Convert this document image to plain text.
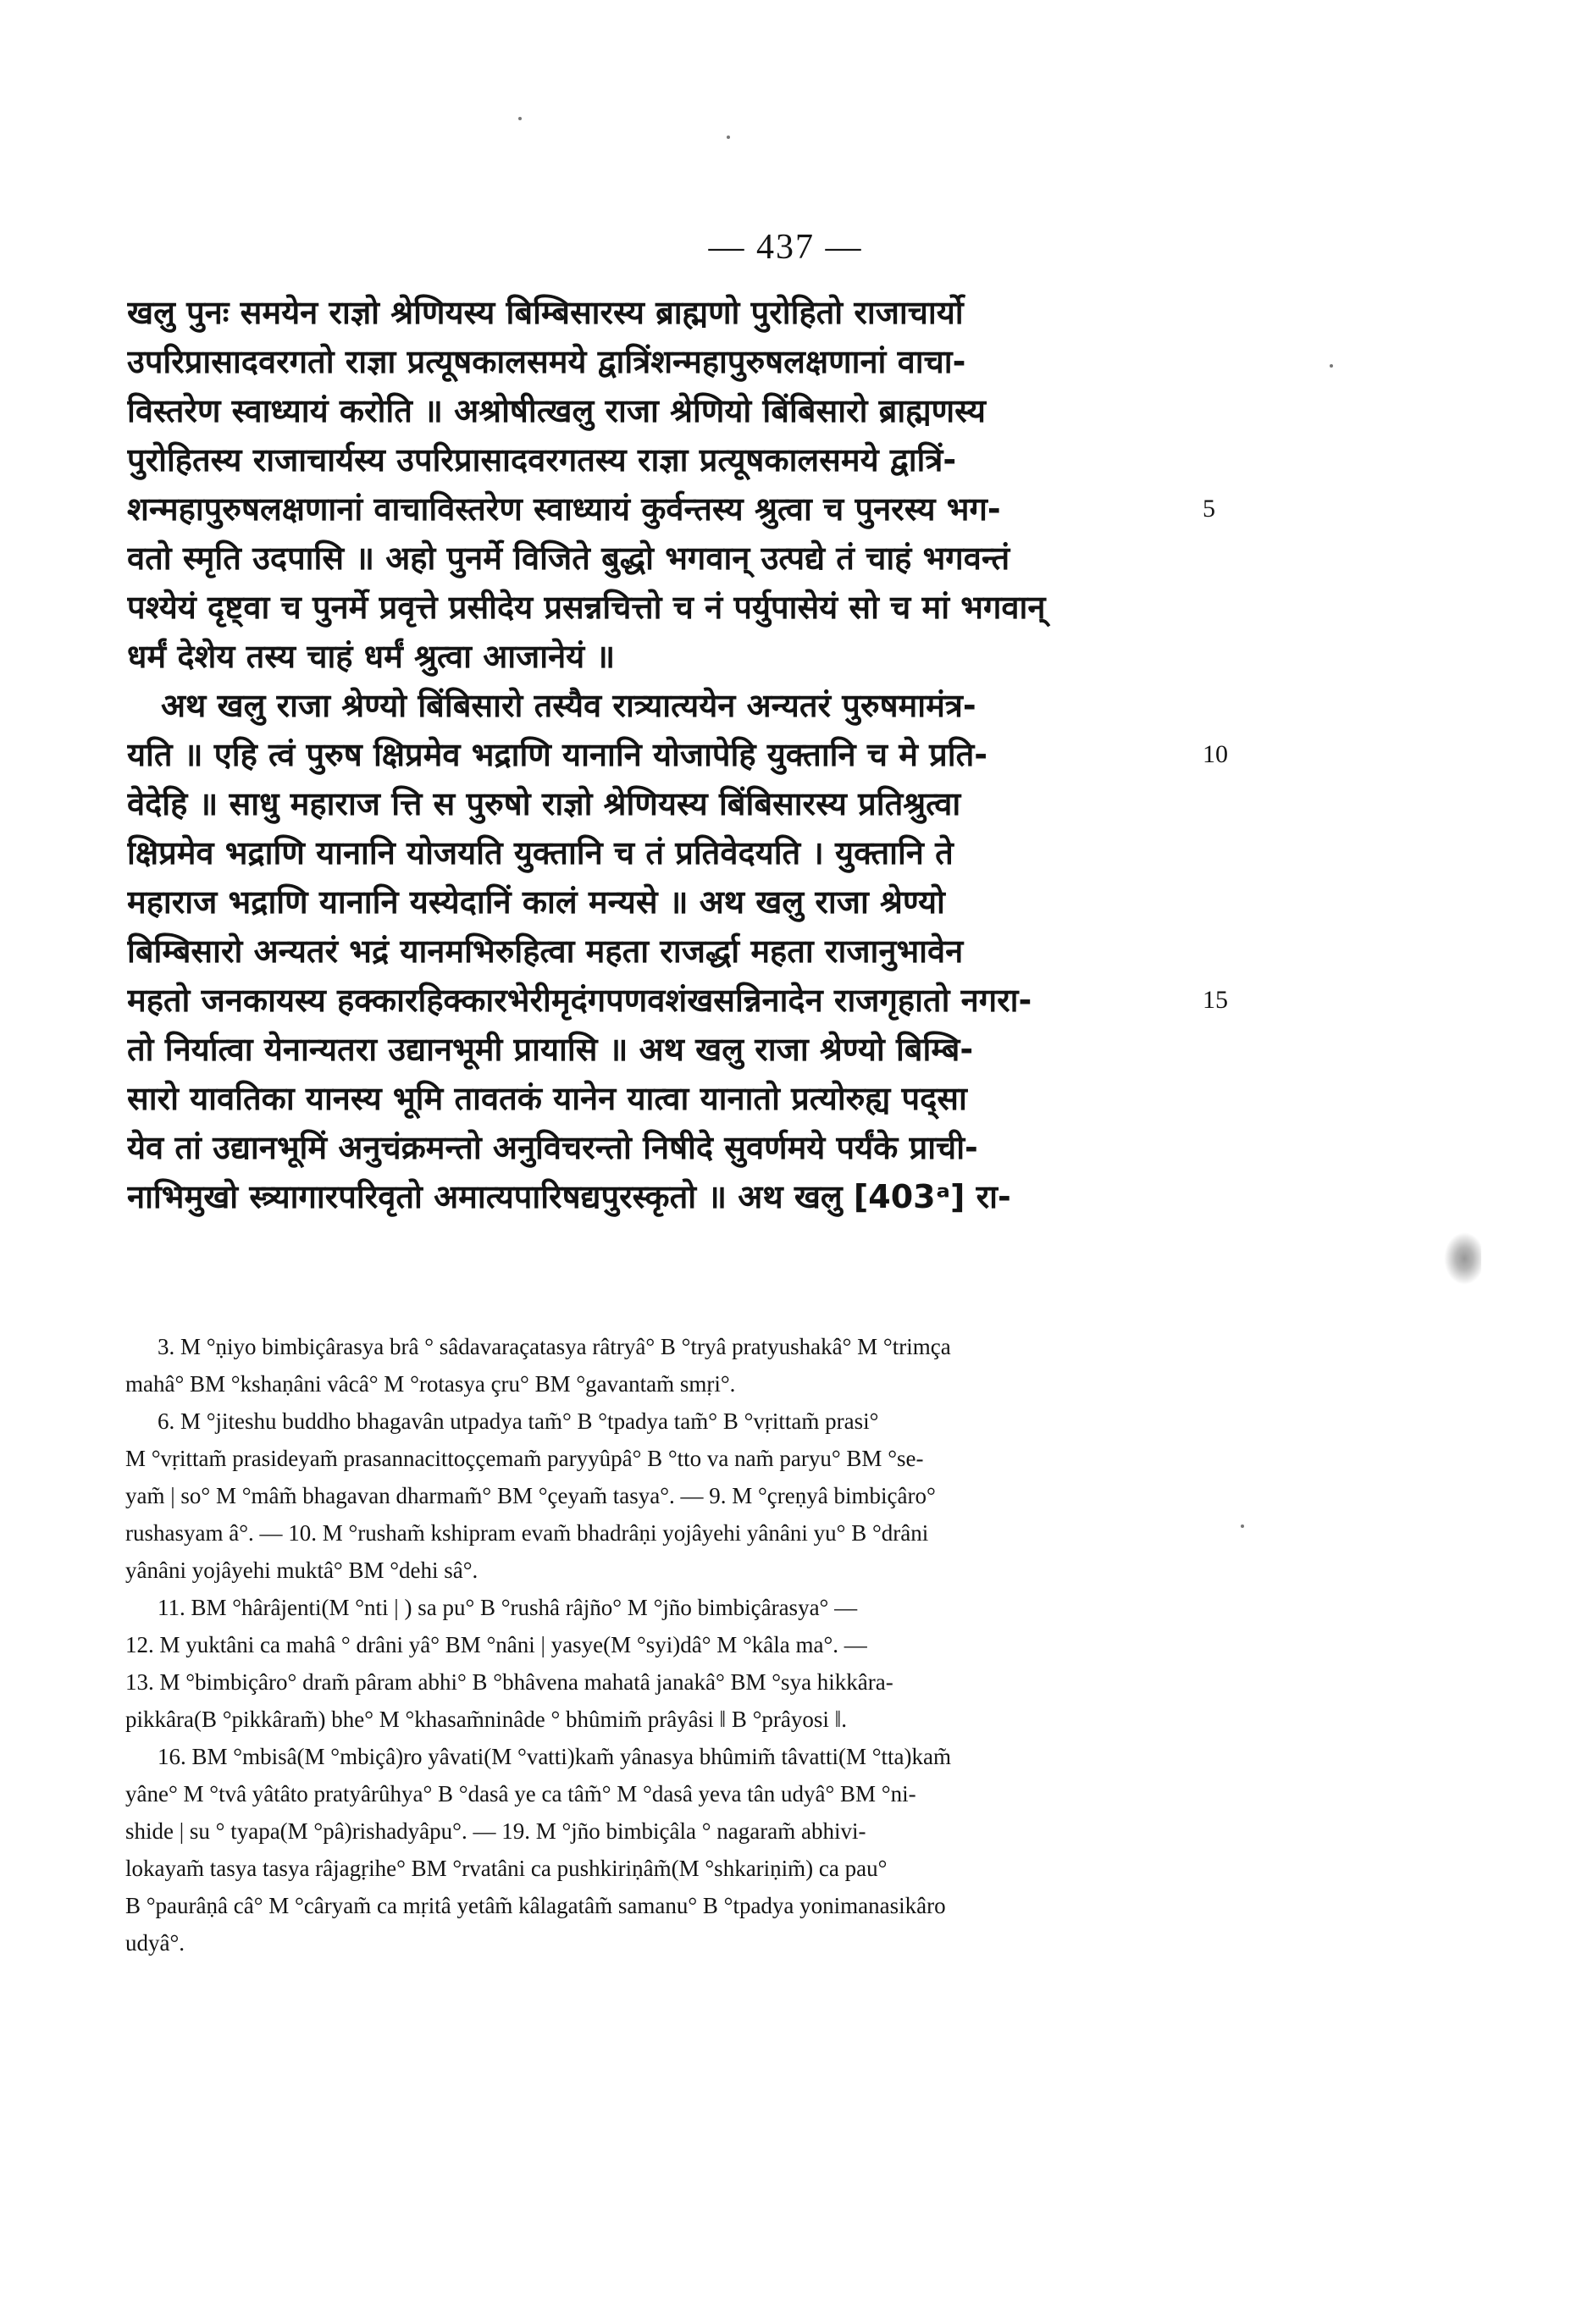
— 437 —
खलु पुनः समयेन राज्ञो श्रेणियस्य बिम्बिसारस्य ब्राह्मणो पुरोहितो राजाचार्यो
उपरिप्रासादवरगतो राज्ञा प्रत्यूषकालसमये द्वात्रिंशन्महापुरुषलक्षणानां वाचा-
विस्तरेण स्वाध्यायं करोति ॥ अश्रोषीत्खलु राजा श्रेणियो बिंबिसारो ब्राह्मणस्य
पुरोहितस्य राजाचार्यस्य उपरिप्रासादवरगतस्य राज्ञा प्रत्यूषकालसमये द्वात्रिं-
शन्महापुरुषलक्षणानां वाचाविस्तरेण स्वाध्यायं कुर्वन्तस्य श्रुत्वा च पुनरस्य भग-
वतो स्मृति उदपासि ॥ अहो पुनर्मे विजिते बुद्धो भगवान् उत्पद्ये तं चाहं भगवन्तं
पश्येयं दृष्ट्वा च पुनर्मे प्रवृत्ते प्रसीदेय प्रसन्नचित्तो च नं पर्युपासेयं सो च मां भगवान्
धर्मं देशेय तस्य चाहं धर्मं श्रुत्वा आजानेयं ॥
अथ खलु राजा श्रेण्यो बिंबिसारो तस्यैव रात्र्यात्ययेन अन्यतरं पुरुषमामंत्र-
यति ॥ एहि त्वं पुरुष क्षिप्रमेव भद्राणि यानानि योजापेहि युक्तानि च मे प्रति-
वेदेहि ॥ साधु महाराज त्ति स पुरुषो राज्ञो श्रेणियस्य बिंबिसारस्य प्रतिश्रुत्वा
क्षिप्रमेव भद्राणि यानानि योजयति युक्तानि च तं प्रतिवेदयति । युक्तानि ते
महाराज भद्राणि यानानि यस्येदानिं कालं मन्यसे ॥ अथ खलु राजा श्रेण्यो
बिम्बिसारो अन्यतरं भद्रं यानमभिरुहित्वा महता राजर्द्धा महता राजानुभावेन
महतो जनकायस्य हक्कारहिक्कारभेरीमृदंगपणवशंखसन्निनादेन राजगृहातो नगरा-
तो निर्यात्वा येनान्यतरा उद्यानभूमी प्रायासि ॥ अथ खलु राजा श्रेण्यो बिम्बि-
सारो यावतिका यानस्य भूमि तावतकं यानेन यात्वा यानातो प्रत्योरुह्य पद्सा
येव तां उद्यानभूमिं अनुचंक्रमन्तो अनुविचरन्तो निषीदे सुवर्णमये पर्यंके प्राची-
नाभिमुखो स्त्र्यागारपरिवृतो अमात्यपारिषद्यपुरस्कृतो ॥ अथ खलु [403ᵃ] रा-
5
10
15
3. M °ṇiyo bimbiçârasya brâ ° sâdavaraçatasya râtryâ° B °tryâ pratyushakâ° M °trimça
mahâ° BM °kshaṇâni vâcâ° M °rotasya çru° BM °gavantam̃ smṛi°.
6. M °jiteshu buddho bhagavân utpadya tam̃° B °tpadya tam̃° B °vṛittam̃ prasi°
M °vṛittam̃ prasideyam̃ prasannacittoççemam̃ paryyûpâ° B °tto va nam̃ paryu° BM °se-
yam̃ | so° M °mâm̃ bhagavan dharmam̃° BM °çeyam̃ tasya°. — 9. M °çreṇyâ bimbiçâro°
rushasyam â°. — 10. M °rusham̃ kshipram evam̃ bhadrâṇi yojâyehi yânâni yu° B °drâni
yânâni yojâyehi muktâ° BM °dehi sâ°.
11. BM °hârâjenti(M °nti | ) sa pu° B °rushâ râjño° M °jño bimbiçârasya° —
12. M yuktâni ca mahâ ° drâni yâ° BM °nâni | yasye(M °syi)dâ° M °kâla ma°. —
13. M °bimbiçâro° dram̃ pâram abhi° B °bhâvena mahatâ janakâ° BM °sya hikkâra-
pikkâra(B °pikkâram̃) bhe° M °khasam̃ninâde ° bhûmim̃ prâyâsi ‖ B °prâyosi ‖.
16. BM °mbisâ(M °mbiçâ)ro yâvati(M °vatti)kam̃ yânasya bhûmim̃ tâvatti(M °tta)kam̃
yâne° M °tvâ yâtâto pratyârûhya° B °dasâ ye ca tâm̃° M °dasâ yeva tân udyâ° BM °ni-
shide | su ° tyapa(M °pâ)rishadyâpu°. — 19. M °jño bimbiçâla ° nagaram̃ abhivi-
lokayam̃ tasya tasya râjagṛihe° BM °rvatâni ca pushkiriṇâm̃(M °shkariṇim̃) ca pau°
B °paurâṇâ câ° M °câryam̃ ca mṛitâ yetâm̃ kâlagatâm̃ samanu° B °tpadya yonimanasikâro
udyâ°.
